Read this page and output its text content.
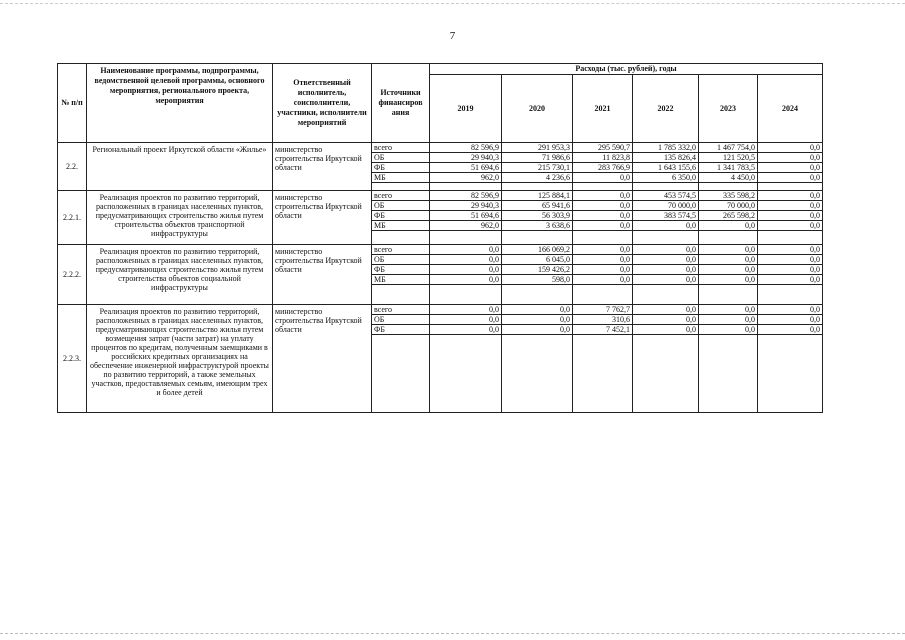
7
№ п/п	Наименование программы, подпрограммы, ведомственной целевой программы, основного мероприятия, регионального проекта, мероприятия	Ответственный исполнитель, соисполнители, участники, исполнители мероприятий	Источники финансиров ания	Расходы (тыс. рублей), годы					
				2019	2020	2021	2022	2023	2024
2.2.	Региональный проект Иркутской области «Жилье»	министерство строительства Иркутской области	всего	82 596,9	291 953,3	295 590,7	1 785 332,0	1 467 754,0	0,0
			ОБ	29 940,3	71 986,6	11 823,8	135 826,4	121 520,5	0,0
			ФБ	51 694,6	215 730,1	283 766,9	1 643 155,6	1 341 783,5	0,0
			МБ	962,0	4 236,6	0,0	6 350,0	4 450,0	0,0

2.2.1.	Реализация проектов по развитию территорий, расположенных в границах населенных пунктов, предусматривающих строительство жилья путем строительства объектов транспортной инфраструктуры	министерство строительства Иркутской области	всего	82 596,9	125 884,1	0,0	453 574,5	335 598,2	0,0
			ОБ	29 940,3	65 941,6	0,0	70 000,0	70 000,0	0,0
			ФБ	51 694,6	56 303,9	0,0	383 574,5	265 598,2	0,0
			МБ	962,0	3 638,6	0,0	0,0	0,0	0,0

2.2.2.	Реализация проектов по развитию территорий, расположенных в границах населенных пунктов, предусматривающих строительство жилья путем строительства объектов социальной инфраструктуры	министерство строительства Иркутской области	всего	0,0	166 069,2	0,0	0,0	0,0	0,0
			ОБ	0,0	6 045,0	0,0	0,0	0,0	0,0
			ФБ	0,0	159 426,2	0,0	0,0	0,0	0,0
			МБ	0,0	598,0	0,0	0,0	0,0	0,0

2.2.3.	Реализация проектов по развитию территорий, расположенных в границах населенных пунктов, предусматривающих строительство жилья путем возмещения затрат (части затрат) на уплату процентов по кредитам, полученным заемщиками в российских кредитных организациях на обеспечение инженерной инфраструктурой проекты по развитию территорий, а также земельных участков, предоставляемых семьям, имеющим трех и более детей	министерство строительства Иркутской области	всего	0,0	0,0	7 762,7	0,0	0,0	0,0
			ОБ	0,0	0,0	310,6	0,0	0,0	0,0
			ФБ	0,0	0,0	7 452,1	0,0	0,0	0,0
